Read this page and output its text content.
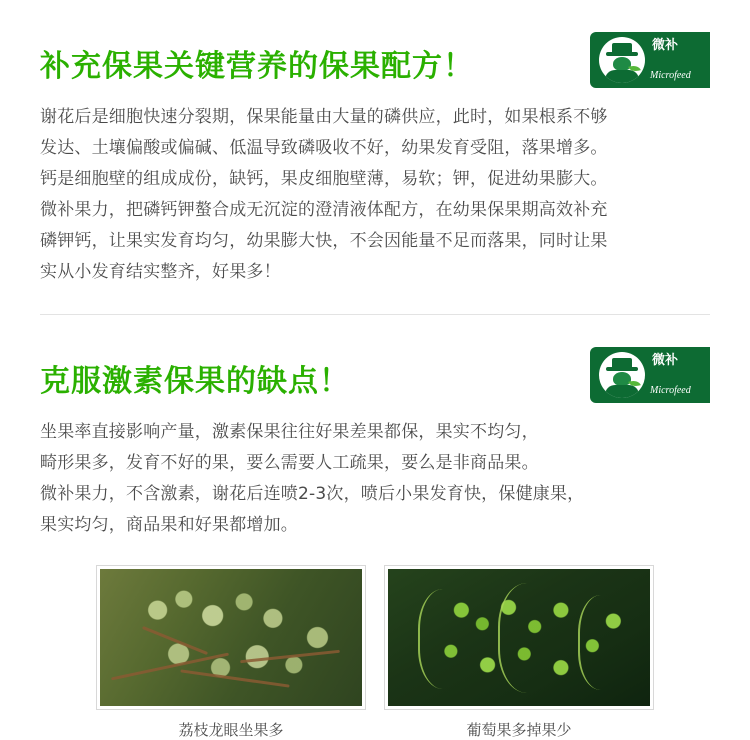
补充保果关键营养的保果配方！
微补
Microfeed

谢花后是细胞快速分裂期，保果能量由大量的磷供应，此时，如果根系不够

发达、土壤偏酸或偏碱、低温导致磷吸收不好，幼果发育受阻，落果增多。

钙是细胞壁的组成成份，缺钙，果皮细胞壁薄，易软；钾，促进幼果膨大。

微补果力，把磷钙钾螯合成无沉淀的澄清液体配方，在幼果保果期高效补充

磷钾钙，让果实发育均匀，幼果膨大快，不会因能量不足而落果，同时让果

实从小发育结实整齐，好果多！

克服激素保果的缺点！
微补
Microfeed

坐果率直接影响产量，激素保果往往好果差果都保，果实不均匀，

畸形果多，发育不好的果，要么需要人工疏果，要么是非商品果。

微补果力，不含激素，谢花后连喷2-3次，喷后小果发育快，保健康果，

果实均匀，商品果和好果都增加。

荔枝龙眼坐果多	葡萄果多掉果少
